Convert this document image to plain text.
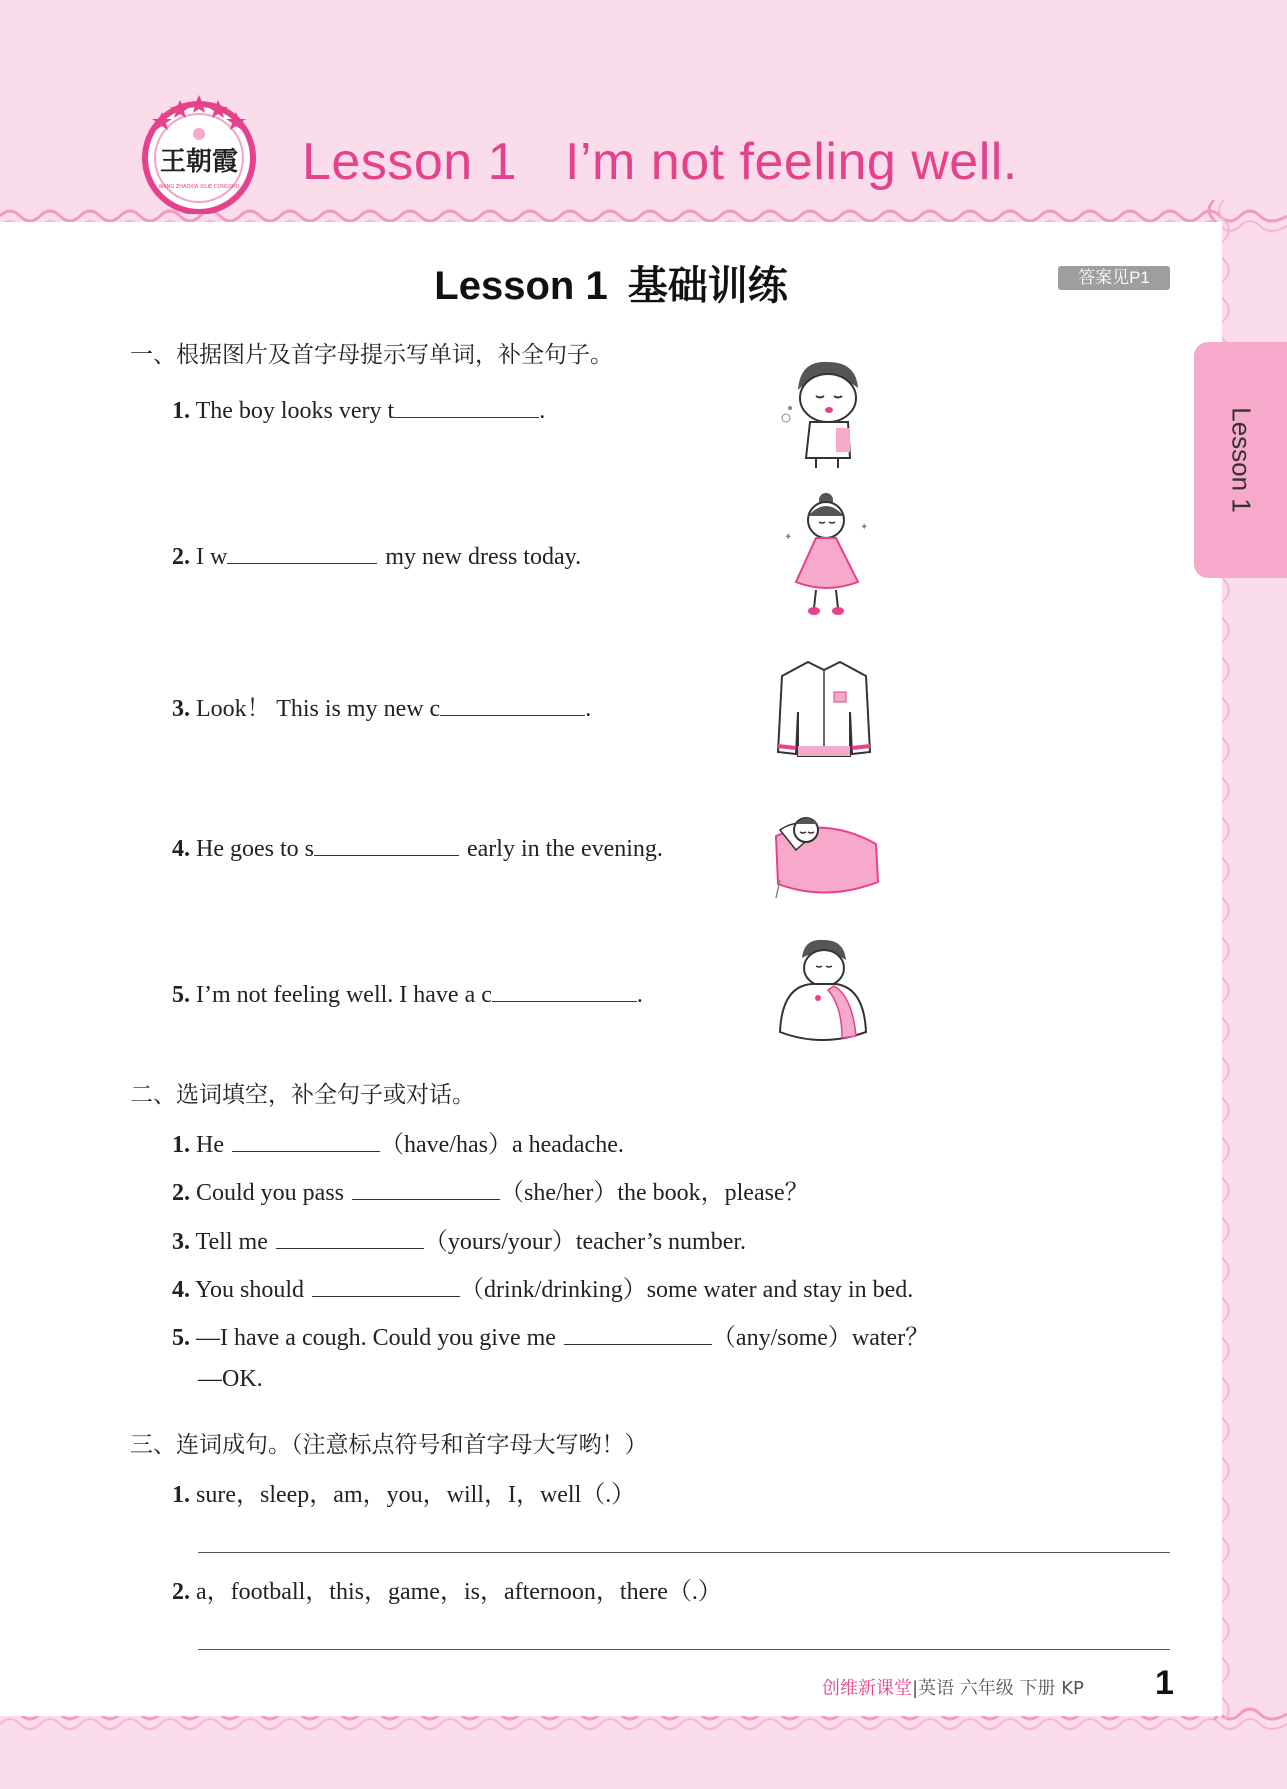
王朝霞
WANG ZHAOXIA XILIE CONGSHU Lesson 1 I’m not feeling well.
Lesson 1
Lesson 1 基础训练	答案见P1
一、根据图片及首字母提示写单词，补全句子。
1. The boy looks very t	.
2. I w	my new dress today.
3. Look！ This is my new c	.
4. He goes to s	early in the evening.
5. I’m not feeling well. I have a c	.
✦
✦
二、选词填空，补全句子或对话。
1. He	（have/has）a headache.
2. Could you pass	（she/her）the book，please？
3. Tell me	（yours/your）teacher’s number.
4. You should	（drink/drinking）some water and stay in bed.
5. —I have a cough. Could you give me	（any/some）water？
—OK.
三、连词成句。（注意标点符号和首字母大写哟！）
1. sure，sleep，am，you，will，I，well（.）
2. a，football，this，game，is，afternoon，there（.）
创维新课堂|英语 六年级 下册 KP 1
